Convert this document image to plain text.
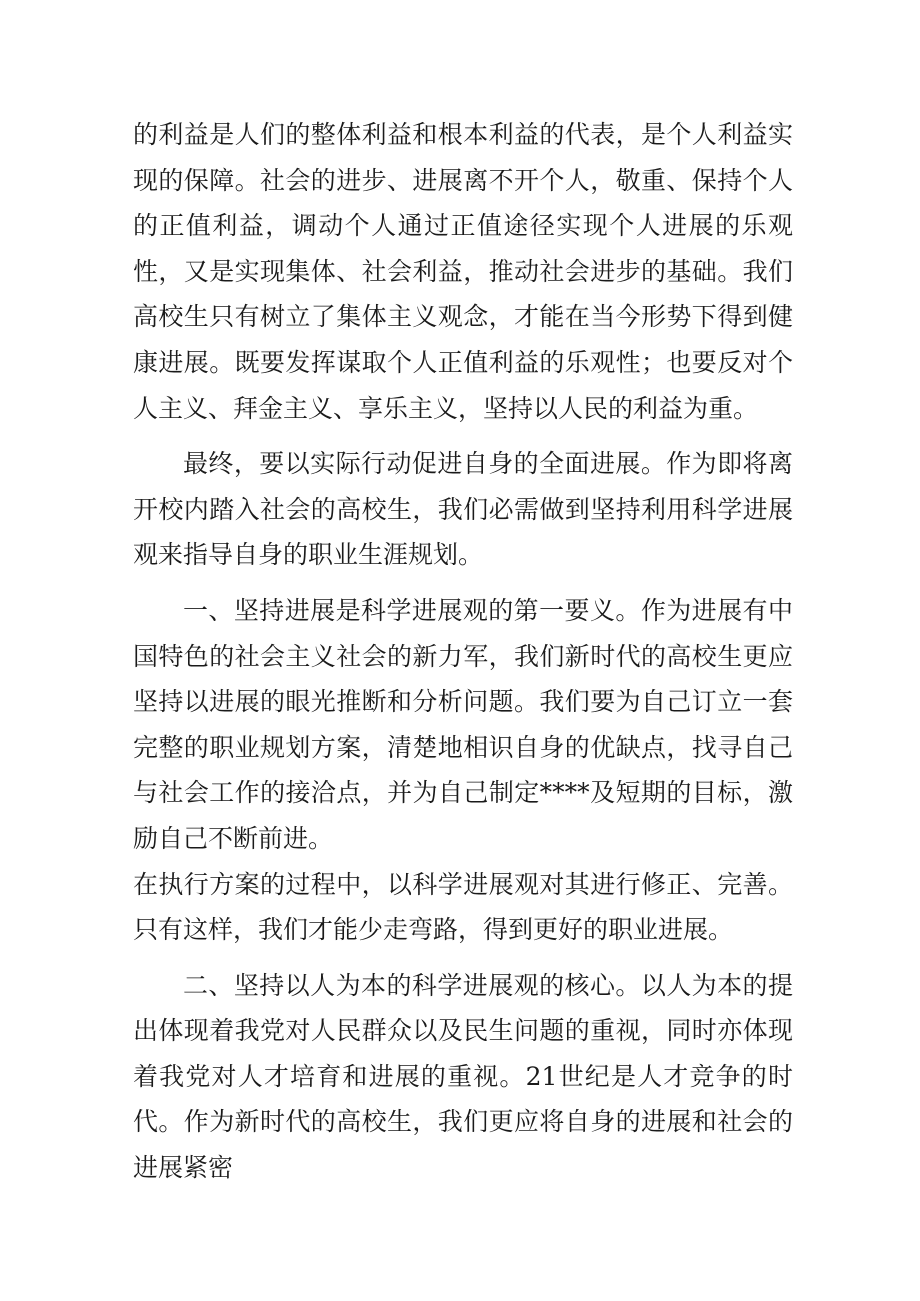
的利益是人们的整体利益和根本利益的代表，是个人利益实现的保障。社会的进步、进展离不开个人，敬重、保持个人的正值利益，调动个人通过正值途径实现个人进展的乐观性，又是实现集体、社会利益，推动社会进步的基础。我们高校生只有树立了集体主义观念，才能在当今形势下得到健康进展。既要发挥谋取个人正值利益的乐观性；也要反对个人主义、拜金主义、享乐主义，坚持以人民的利益为重。

最终，要以实际行动促进自身的全面进展。作为即将离开校内踏入社会的高校生，我们必需做到坚持利用科学进展观来指导自身的职业生涯规划。

一、坚持进展是科学进展观的第一要义。作为进展有中国特色的社会主义社会的新力军，我们新时代的高校生更应坚持以进展的眼光推断和分析问题。我们要为自己订立一套完整的职业规划方案，清楚地相识自身的优缺点，找寻自己与社会工作的接洽点，并为自己制定****及短期的目标，激励自己不断前进。

在执行方案的过程中，以科学进展观对其进行修正、完善。只有这样，我们才能少走弯路，得到更好的职业进展。

二、坚持以人为本的科学进展观的核心。以人为本的提出体现着我党对人民群众以及民生问题的重视，同时亦体现着我党对人才培育和进展的重视。21世纪是人才竞争的时代。作为新时代的高校生，我们更应将自身的进展和社会的进展紧密
